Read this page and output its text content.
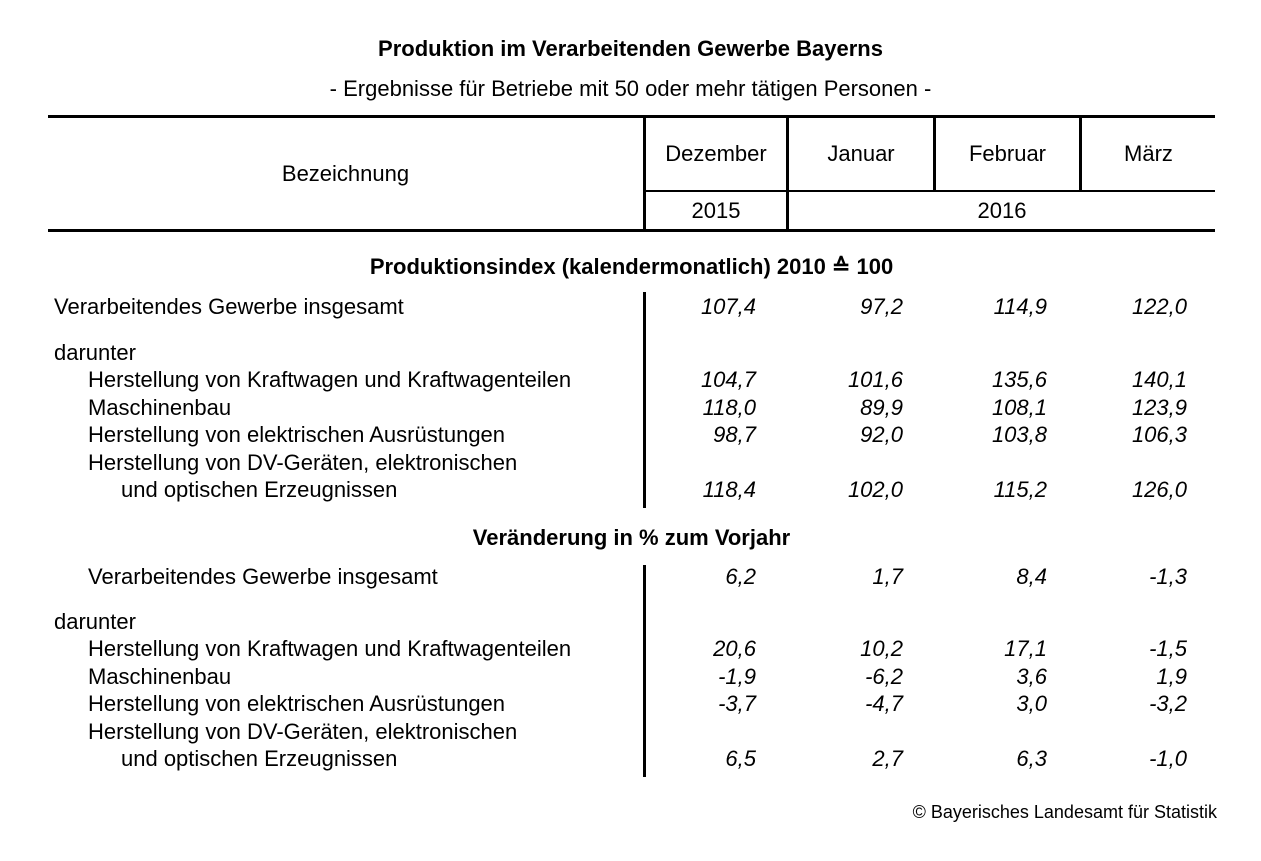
Produktion im Verarbeitenden Gewerbe Bayerns
- Ergebnisse für Betriebe mit 50 oder mehr tätigen Personen -
Bezeichnung
Dezember	Januar	Februar	März
2015	2016
Produktionsindex (kalendermonatlich) 2010 ≙ 100
Verarbeitendes Gewerbe insgesamt	107,4	97,2	114,9	122,0
darunter
Herstellung von Kraftwagen und Kraftwagenteilen	104,7	101,6	135,6	140,1
Maschinenbau	118,0	89,9	108,1	123,9
Herstellung von elektrischen Ausrüstungen	98,7	92,0	103,8	106,3
Herstellung von DV-Geräten, elektronischen
und optischen Erzeugnissen	118,4	102,0	115,2	126,0
Veränderung in % zum Vorjahr
Verarbeitendes Gewerbe insgesamt	6,2	1,7	8,4	-1,3
darunter
Herstellung von Kraftwagen und Kraftwagenteilen	20,6	10,2	17,1	-1,5
Maschinenbau	-1,9	-6,2	3,6	1,9
Herstellung von elektrischen Ausrüstungen	-3,7	-4,7	3,0	-3,2
Herstellung von DV-Geräten, elektronischen
und optischen Erzeugnissen	6,5	2,7	6,3	-1,0
© Bayerisches Landesamt für Statistik
